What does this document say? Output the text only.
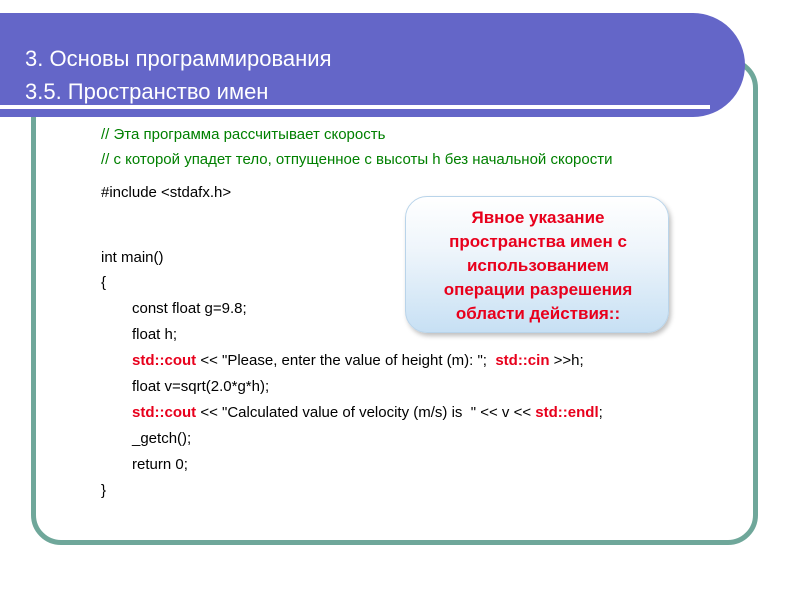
3. Основы программирования
3.5. Пространство имен
// Эта программа рассчитывает скорость
// с которой упадет тело, отпущенное с высоты h без начальной скорости
#include <stdafx.h>
int main()
{
const float g=9.8;
float h;
std::cout << "Please, enter the value of height (m): ";  std::cin >>h;
float v=sqrt(2.0*g*h);
std::cout << "Calculated value of velocity (m/s) is  " << v << std::endl;
_getch();
return 0;
}
Явное указание
пространства имен с
использованием
операции разрешения
области действия::
